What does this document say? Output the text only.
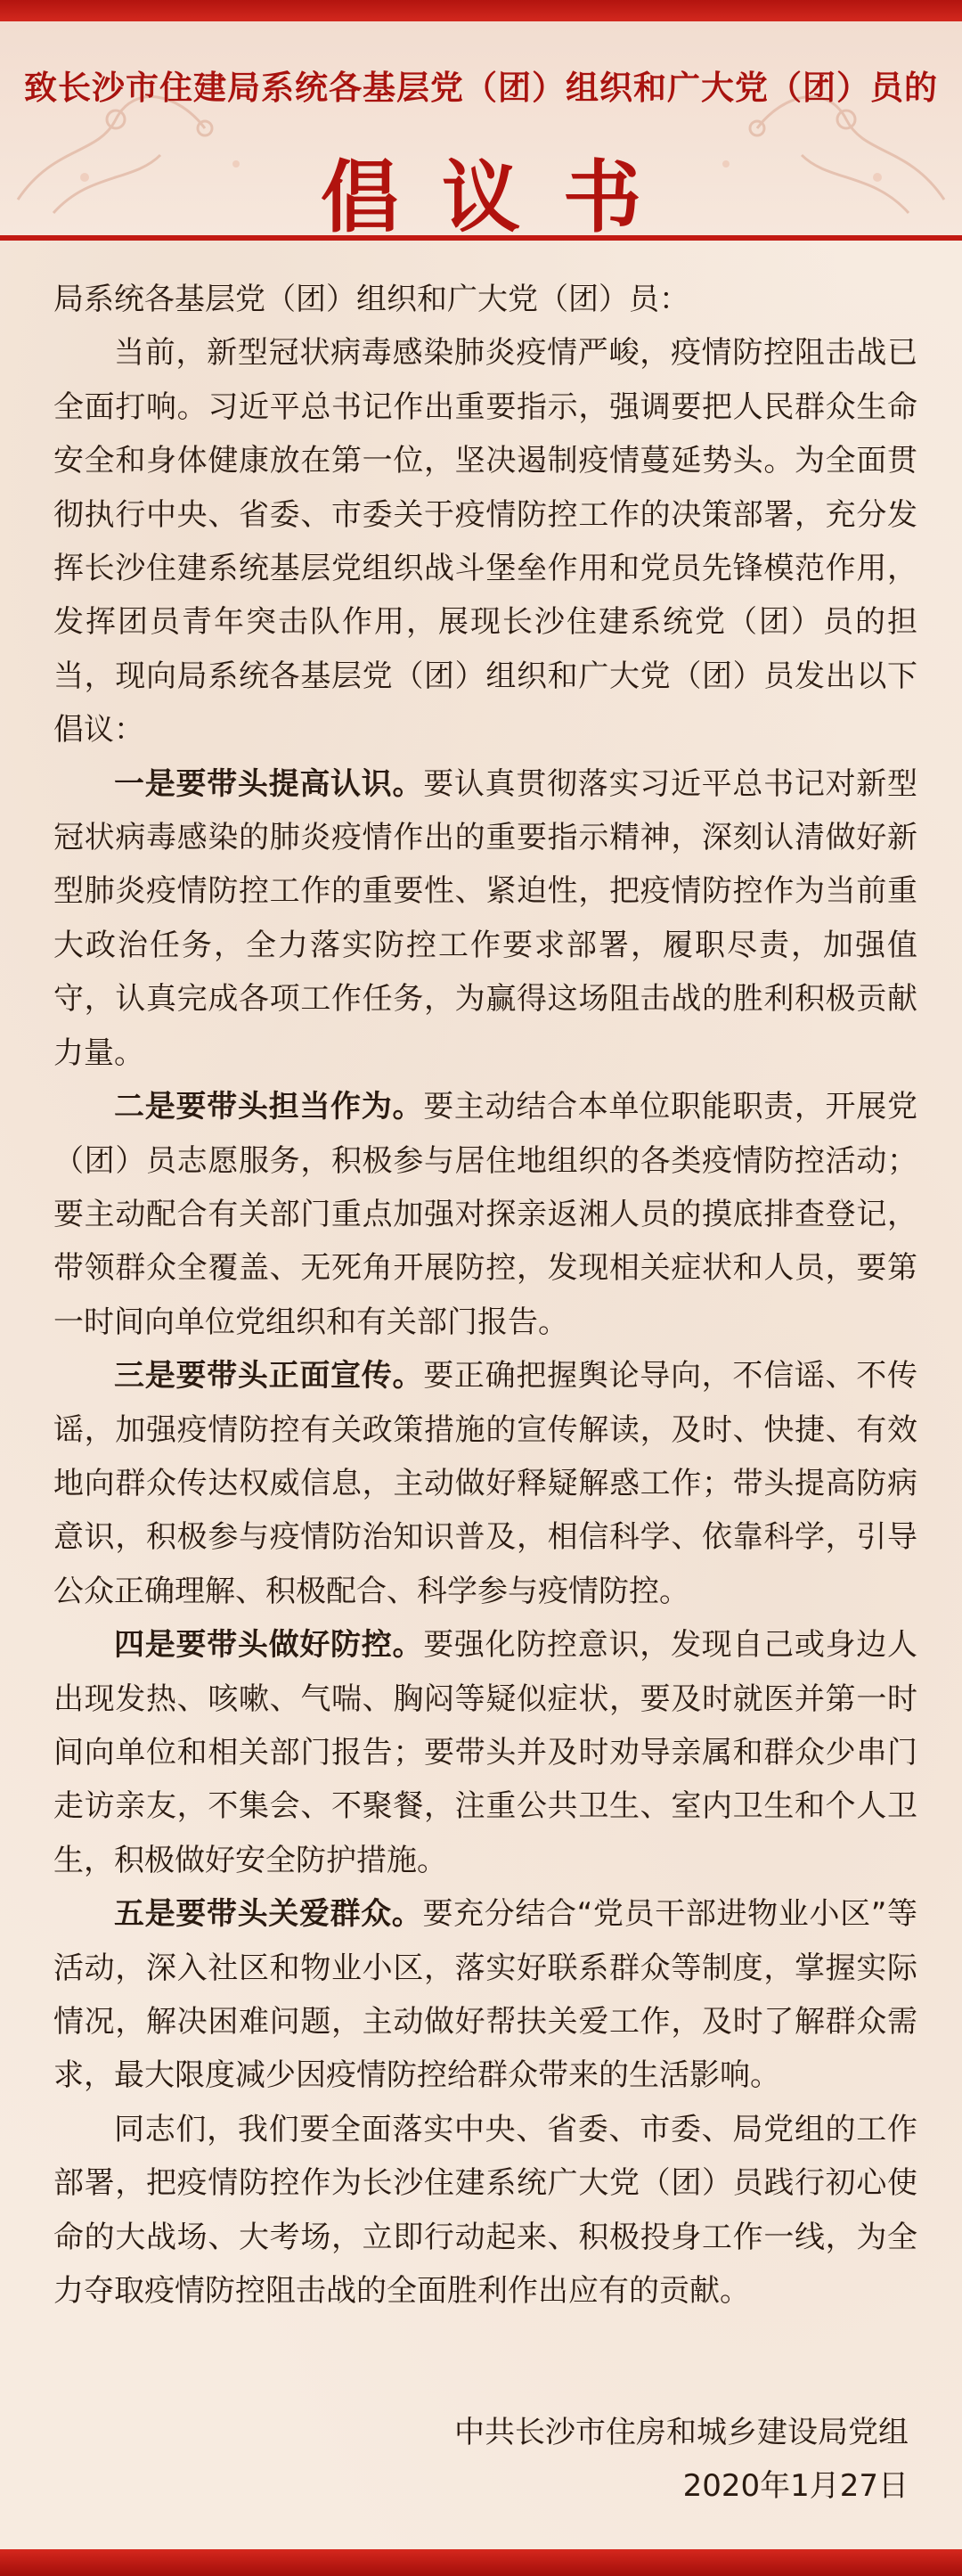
致长沙市住建局系统各基层党（团）组织和广大党（团）员的
倡议书

局系统各基层党（团）组织和广大党（团）员：

当前，新型冠状病毒感染肺炎疫情严峻，疫情防控阻击战已全面打响。习近平总书记作出重要指示，强调要把人民群众生命安全和身体健康放在第一位，坚决遏制疫情蔓延势头。为全面贯彻执行中央、省委、市委关于疫情防控工作的决策部署，充分发挥长沙住建系统基层党组织战斗堡垒作用和党员先锋模范作用，发挥团员青年突击队作用，展现长沙住建系统党（团）员的担当，现向局系统各基层党（团）组织和广大党（团）员发出以下倡议：

一是要带头提高认识。要认真贯彻落实习近平总书记对新型冠状病毒感染的肺炎疫情作出的重要指示精神，深刻认清做好新型肺炎疫情防控工作的重要性、紧迫性，把疫情防控作为当前重大政治任务，全力落实防控工作要求部署，履职尽责，加强值守，认真完成各项工作任务，为赢得这场阻击战的胜利积极贡献力量。

二是要带头担当作为。要主动结合本单位职能职责，开展党（团）员志愿服务，积极参与居住地组织的各类疫情防控活动；要主动配合有关部门重点加强对探亲返湘人员的摸底排查登记，带领群众全覆盖、无死角开展防控，发现相关症状和人员，要第一时间向单位党组织和有关部门报告。

三是要带头正面宣传。要正确把握舆论导向，不信谣、不传谣，加强疫情防控有关政策措施的宣传解读，及时、快捷、有效地向群众传达权威信息，主动做好释疑解惑工作；带头提高防病意识，积极参与疫情防治知识普及，相信科学、依靠科学，引导公众正确理解、积极配合、科学参与疫情防控。

四是要带头做好防控。要强化防控意识，发现自己或身边人出现发热、咳嗽、气喘、胸闷等疑似症状，要及时就医并第一时间向单位和相关部门报告；要带头并及时劝导亲属和群众少串门走访亲友，不集会、不聚餐，注重公共卫生、室内卫生和个人卫生，积极做好安全防护措施。

五是要带头关爱群众。要充分结合“党员干部进物业小区”等活动，深入社区和物业小区，落实好联系群众等制度，掌握实际情况，解决困难问题，主动做好帮扶关爱工作，及时了解群众需求，最大限度减少因疫情防控给群众带来的生活影响。

同志们，我们要全面落实中央、省委、市委、局党组的工作部署，把疫情防控作为长沙住建系统广大党（团）员践行初心使命的大战场、大考场，立即行动起来、积极投身工作一线，为全力夺取疫情防控阻击战的全面胜利作出应有的贡献。

中共长沙市住房和城乡建设局党组
2020年1月27日
